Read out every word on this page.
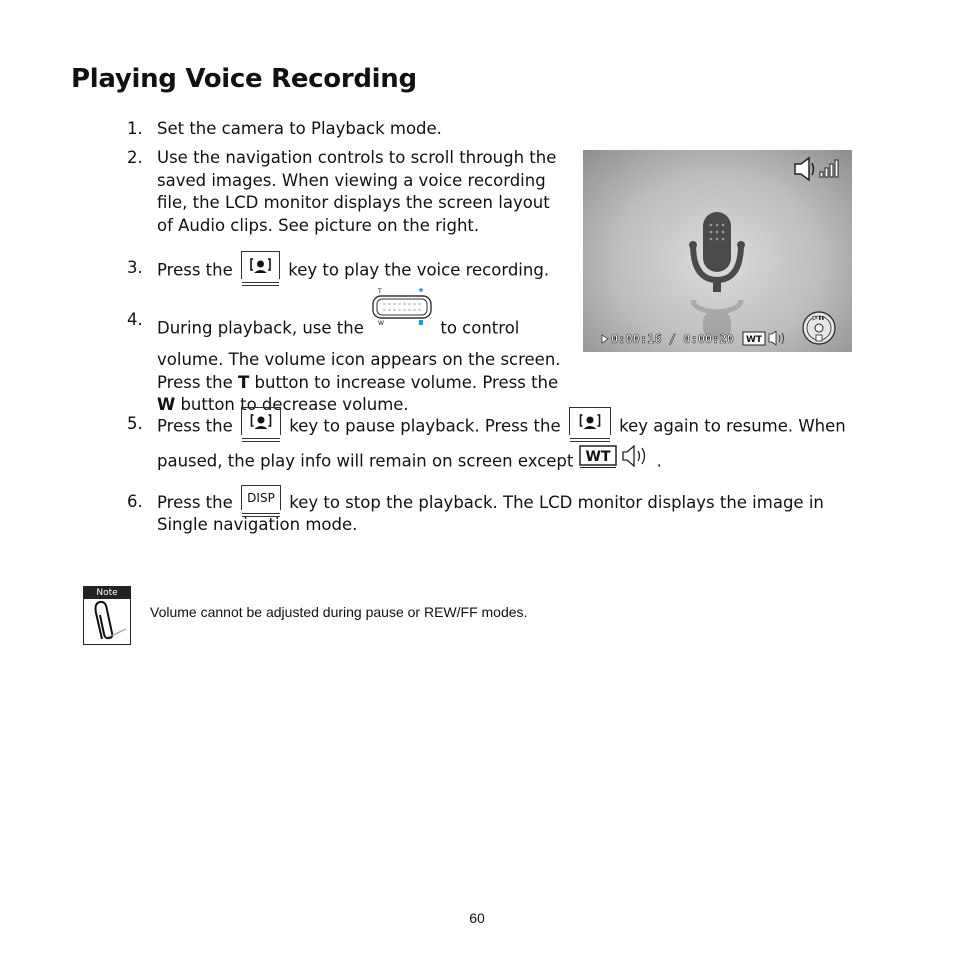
Playing Voice Recording
1. Set the camera to Playback mode.
2. Use the navigation controls to scroll through the
saved images. When viewing a voice recording
file, the LCD monitor displays the screen layout
of Audio clips. See picture on the right.
3. Press the	key to play the voice recording.
4. During playback, use the
T
W	to control
volume. The volume icon appears on the screen.
Press the T button to increase volume. Press the
W button to decrease volume.
5. Press the	key to pause playback. Press the	key again to resume. When
paused, the play info will remain on screen except WT	.
6. Press the DISP key to stop the playback. The LCD monitor displays the image in
Single navigation mode.
0:00:16 / 0:00:20 WT
Note
Volume cannot be adjusted during pause or REW/FF modes.
60
